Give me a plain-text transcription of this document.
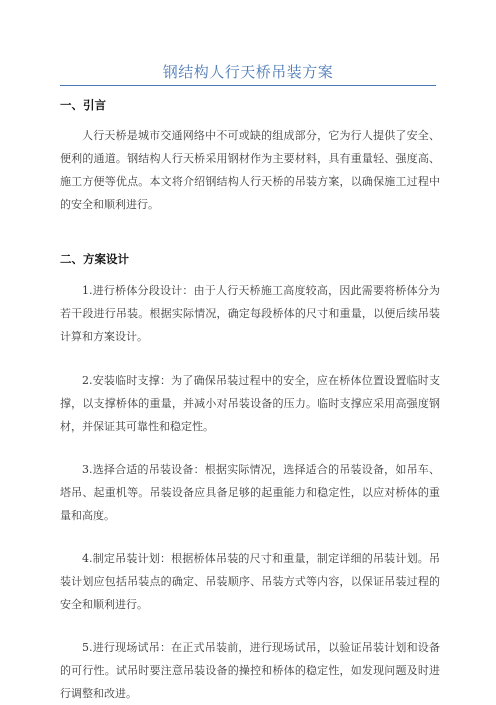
钢结构人行天桥吊装方案
一、引言
人行天桥是城市交通网络中不可或缺的组成部分，它为行人提供了安全、便利的通道。钢结构人行天桥采用钢材作为主要材料，具有重量轻、强度高、施工方便等优点。本文将介绍钢结构人行天桥的吊装方案，以确保施工过程中的安全和顺利进行。
二、方案设计
1.进行桥体分段设计：由于人行天桥施工高度较高，因此需要将桥体分为若干段进行吊装。根据实际情况，确定每段桥体的尺寸和重量，以便后续吊装计算和方案设计。
2.安装临时支撑：为了确保吊装过程中的安全，应在桥体位置设置临时支撑，以支撑桥体的重量，并减小对吊装设备的压力。临时支撑应采用高强度钢材，并保证其可靠性和稳定性。
3.选择合适的吊装设备：根据实际情况，选择适合的吊装设备，如吊车、塔吊、起重机等。吊装设备应具备足够的起重能力和稳定性，以应对桥体的重量和高度。
4.制定吊装计划：根据桥体吊装的尺寸和重量，制定详细的吊装计划。吊装计划应包括吊装点的确定、吊装顺序、吊装方式等内容，以保证吊装过程的安全和顺利进行。
5.进行现场试吊：在正式吊装前，进行现场试吊，以验证吊装计划和设备的可行性。试吊时要注意吊装设备的操控和桥体的稳定性，如发现问题及时进行调整和改进。
